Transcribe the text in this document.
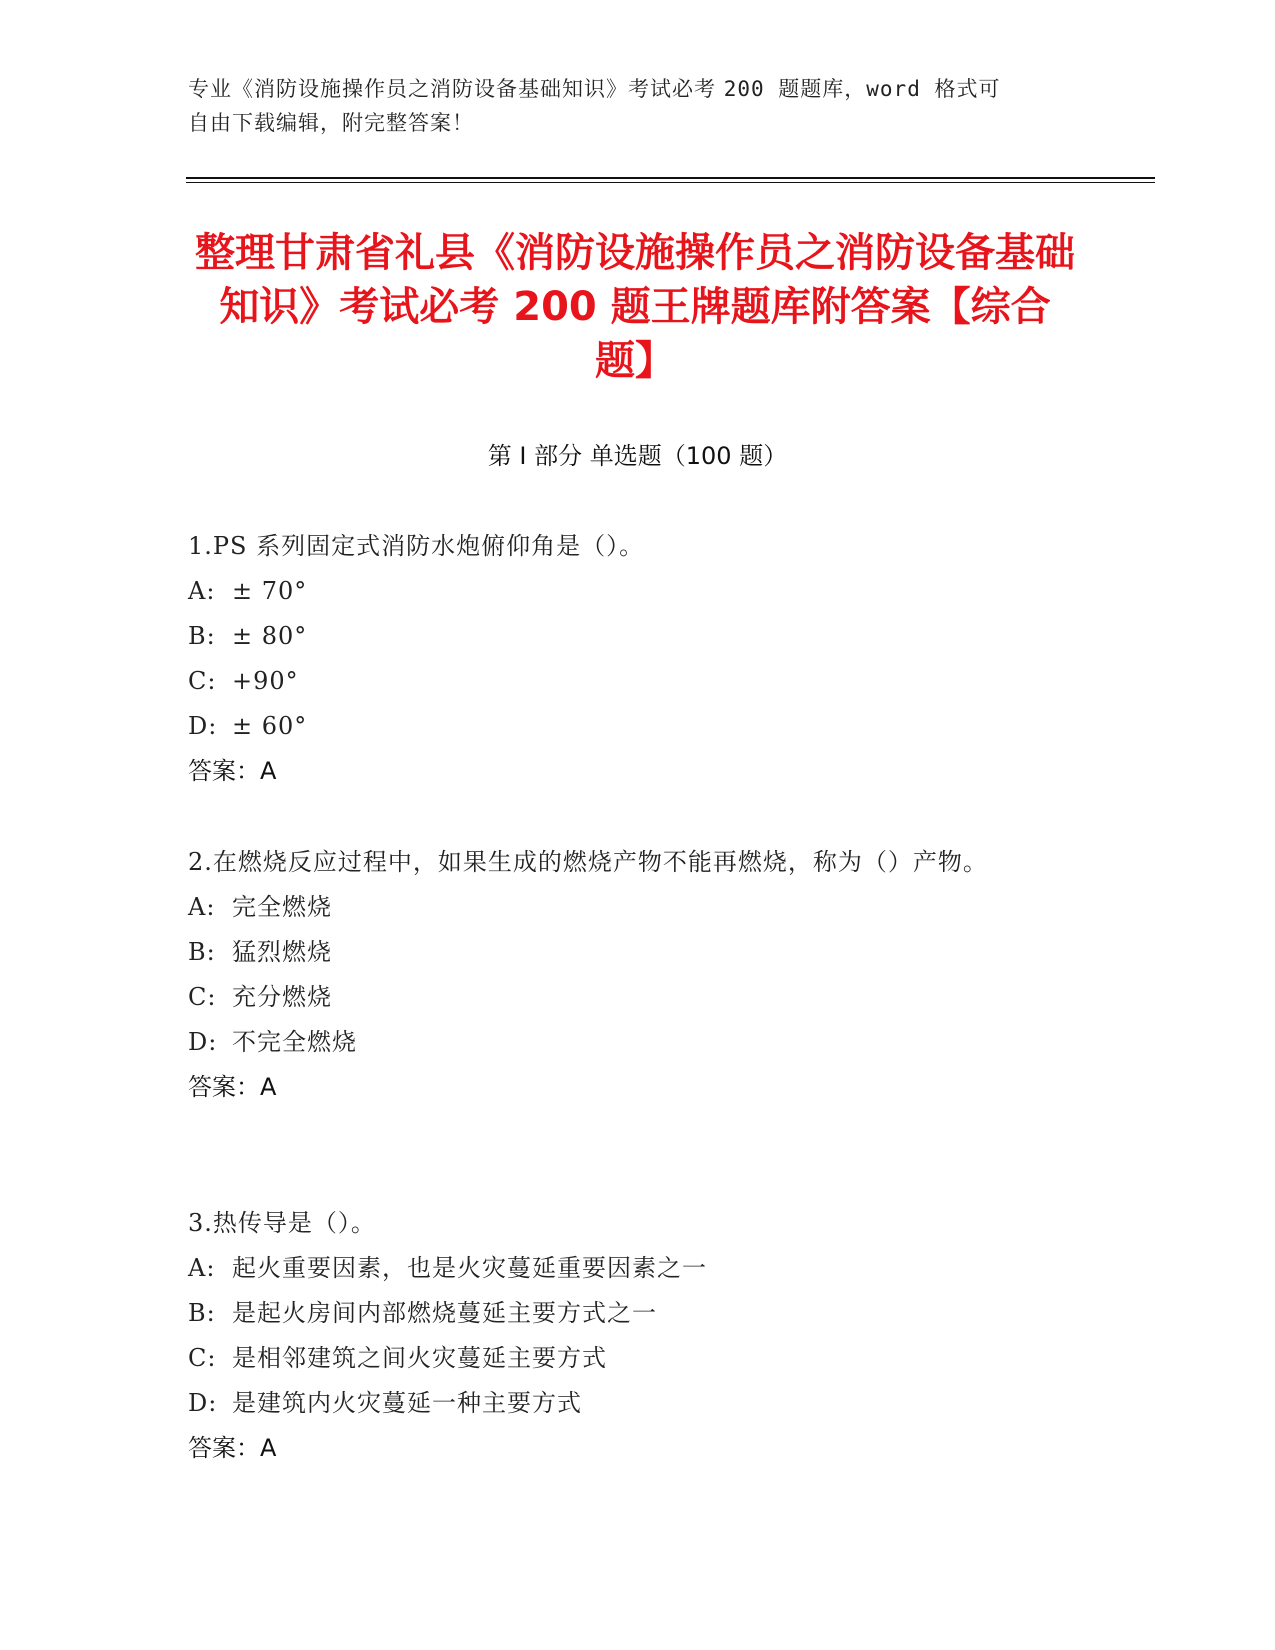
专业《消防设施操作员之消防设备基础知识》考试必考 200 题题库，word 格式可
自由下载编辑，附完整答案！
整理甘肃省礼县《消防设施操作员之消防设备基础知识》考试必考 200 题王牌题库附答案【综合题】
第 I 部分 单选题（100 题）
1.PS 系列固定式消防水炮俯仰角是（）。
A: ± 70°
B: ± 80°
C: +90°
D: ± 60°
答案：A
2.在燃烧反应过程中，如果生成的燃烧产物不能再燃烧，称为（）产物。
A: 完全燃烧
B: 猛烈燃烧
C: 充分燃烧
D: 不完全燃烧
答案：A
3.热传导是（）。
A: 起火重要因素，也是火灾蔓延重要因素之一
B: 是起火房间内部燃烧蔓延主要方式之一
C: 是相邻建筑之间火灾蔓延主要方式
D: 是建筑内火灾蔓延一种主要方式
答案：A
